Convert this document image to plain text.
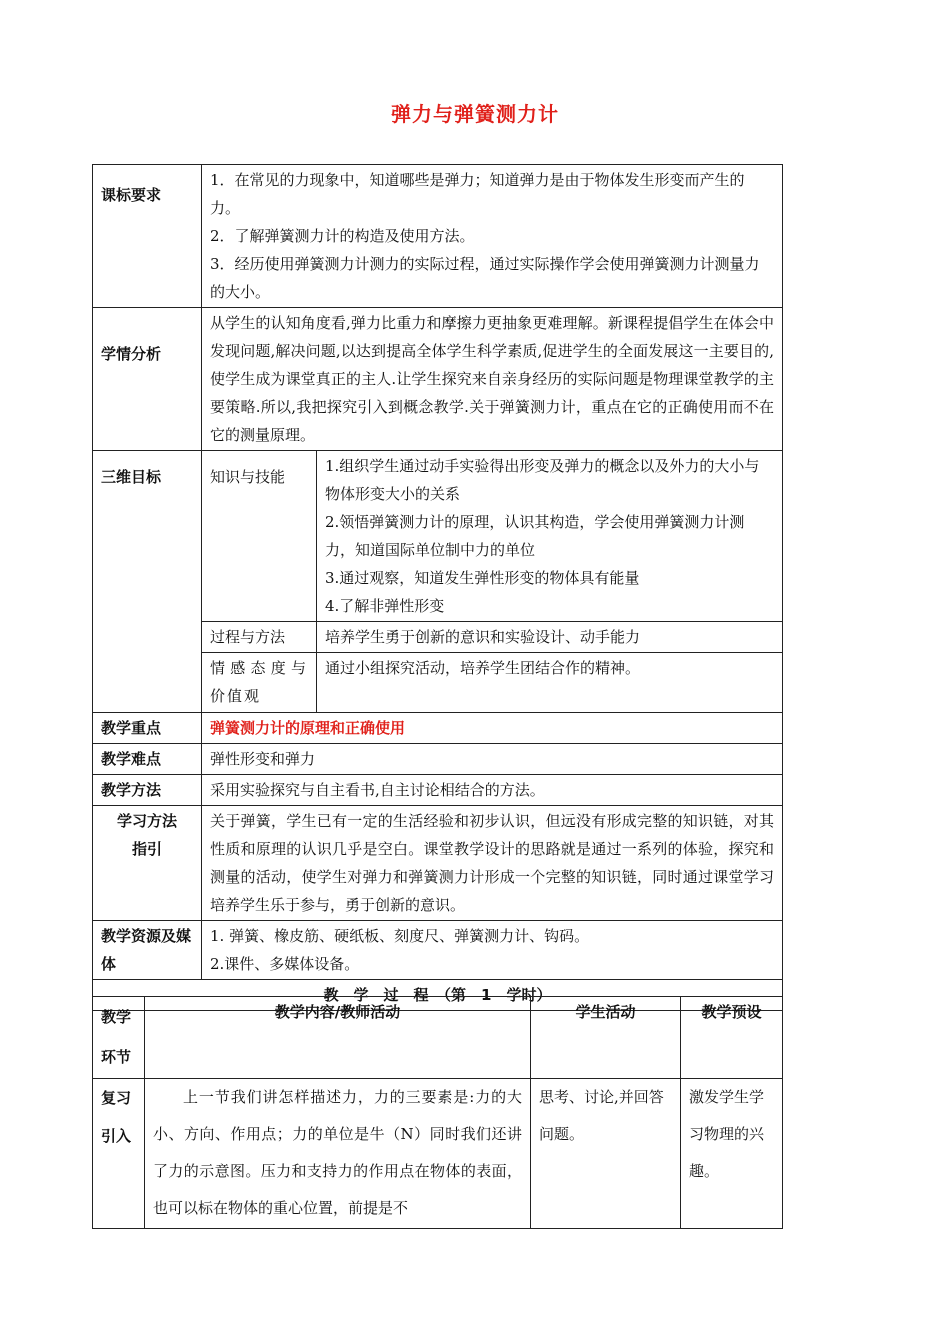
弹力与弹簧测力计
课标要求	1．在常见的力现象中，知道哪些是弹力；知道弹力是由于物体发生形变而产生的力。
2．了解弹簧测力计的构造及使用方法。
3．经历使用弹簧测力计测力的实际过程，通过实际操作学会使用弹簧测力计测量力的大小。	

学情分析	从学生的认知角度看,弹力比重力和摩擦力更抽象更难理解。新课程提倡学生在体会中发现问题,解决问题,以达到提高全体学生科学素质,促进学生的全面发展这一主要目的,使学生成为课堂真正的主人.让学生探究来自亲身经历的实际问题是物理课堂教学的主要策略.所以,我把探究引入到概念教学.关于弹簧测力计，重点在它的正确使用而不在它的测量原理。	
三维目标	知识与技能	1.组织学生通过动手实验得出形变及弹力的概念以及外力的大小与物体形变大小的关系
2.领悟弹簧测力计的原理，认识其构造，学会使用弹簧测力计测力，知道国际单位制中力的单位
3.通过观察，知道发生弹性形变的物体具有能量
4.了解非弹性形变

	过程与方法	培养学生勇于创新的意识和实验设计、动手能力
	情感态度与价值观	通过小组探究活动，培养学生团结合作的精神。
教学重点	弹簧测力计的原理和正确使用	
教学难点	弹性形变和弹力	
教学方法	采用实验探究与自主看书,自主讨论相结合的方法。	
学习方法指引	关于弹簧，学生已有一定的生活经验和初步认识，但远没有形成完整的知识链，对其性质和原理的认识几乎是空白。课堂教学设计的思路就是通过一系列的体验，探究和测量的活动，使学生对弹力和弹簧测力计形成一个完整的知识链，同时通过课堂学习培养学生乐于参与，勇于创新的意识。	
教学资源及媒体	1. 弹簧、橡皮筋、硬纸板、刻度尺、弹簧测力计、钩码。
2.课件、多媒体设备。	

教　学　过　程　（第　1　学时）		
教学环节	教学内容/教师活动	学生活动	教学预设
复习引入	上一节我们讲怎样描述力，力的三要素是:力的大小、方向、作用点；力的单位是牛（N）同时我们还讲了力的示意图。压力和支持力的作用点在物体的表面，也可以标在物体的重心位置，前提是不	思考、讨论,并回答问题。	激发学生学习物理的兴趣。
